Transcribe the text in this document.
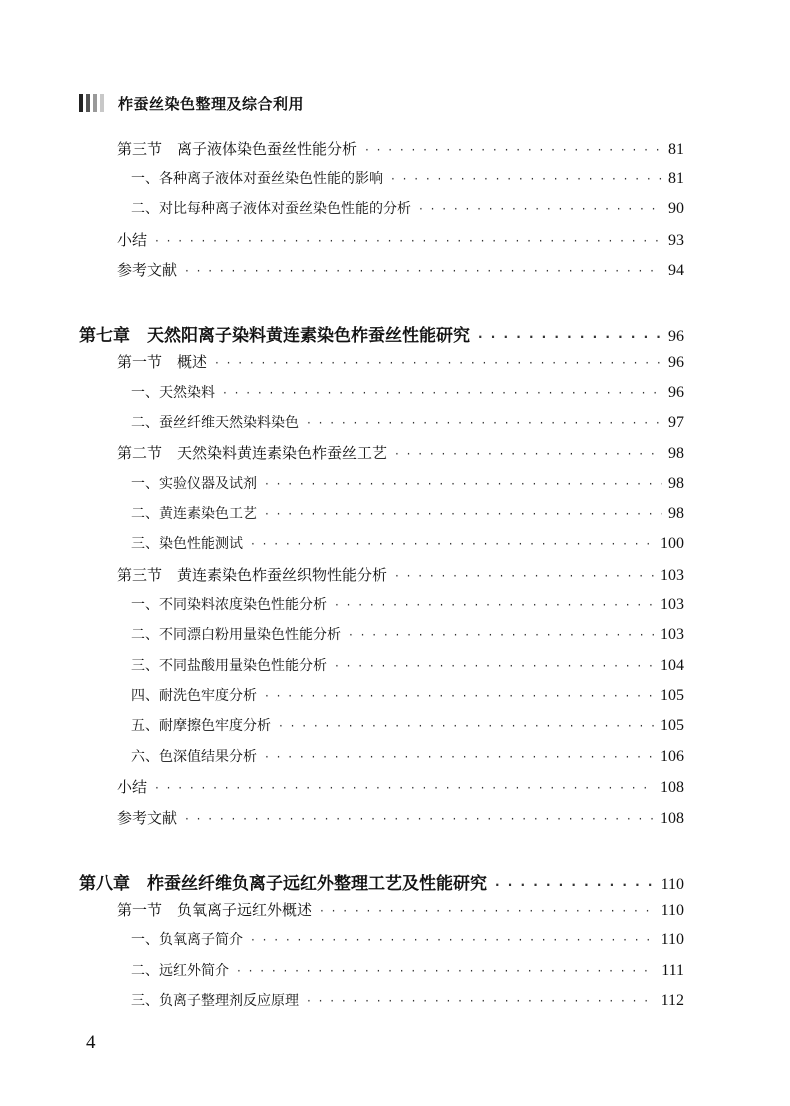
柞蚕丝染色整理及综合利用
第三节　离子液体染色蚕丝性能分析 · · ·	81
一、各种离子液体对蚕丝染色性能的影响 · · ·	81
二、对比每种离子液体对蚕丝染色性能的分析 · · ·	90
小结 · · ·	93
参考文献 · · ·	94
第七章　天然阳离子染料黄连素染色柞蚕丝性能研究 · · ·	96
第一节　概述 · · ·	96
一、天然染料 · · ·	96
二、蚕丝纤维天然染料染色 · · ·	97
第二节　天然染料黄连素染色柞蚕丝工艺 · · ·	98
一、实验仪器及试剂 · · ·	98
二、黄连素染色工艺 · · ·	98
三、染色性能测试 · · ·	100
第三节　黄连素染色柞蚕丝织物性能分析 · · ·	103
一、不同染料浓度染色性能分析 · · ·	103
二、不同漂白粉用量染色性能分析 · · ·	103
三、不同盐酸用量染色性能分析 · · ·	104
四、耐洗色牢度分析 · · ·	105
五、耐摩擦色牢度分析 · · ·	105
六、色深值结果分析 · · ·	106
小结 · · ·	108
参考文献 · · ·	108
第八章　柞蚕丝纤维负离子远红外整理工艺及性能研究 · · ·	110
第一节　负氧离子远红外概述 · · ·	110
一、负氧离子简介 · · ·	110
二、远红外简介 · · ·	111
三、负离子整理剂反应原理 · · ·	112
4
